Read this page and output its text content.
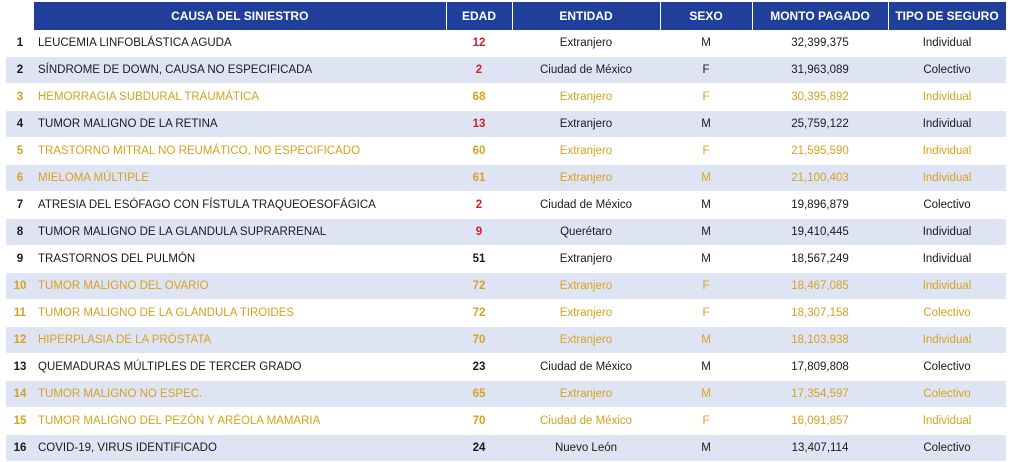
	CAUSA DEL SINIESTRO	EDAD	ENTIDAD	SEXO	MONTO PAGADO	TIPO DE SEGURO
1	LEUCEMIA LINFOBLÁSTICA AGUDA	12	Extranjero	M	32,399,375	Individual
2	SÍNDROME DE DOWN, CAUSA NO ESPECIFICADA	2	Ciudad de México	F	31,963,089	Colectivo
3	HEMORRAGIA SUBDURAL TRAUMÁTICA	68	Extranjero	F	30,395,892	Individual
4	TUMOR MALIGNO DE LA RETINA	13	Extranjero	M	25,759,122	Individual
5	TRASTORNO MITRAL NO REUMÁTICO, NO ESPECIFICADO	60	Extranjero	F	21,595,590	Individual
6	MIELOMA MÚLTIPLE	61	Extranjero	M	21,100,403	Individual
7	ATRESIA DEL ESÓFAGO CON FÍSTULA TRAQUEOESOFÁGICA	2	Ciudad de México	M	19,896,879	Colectivo
8	TUMOR MALIGNO DE LA GLANDULA SUPRARRENAL	9	Querétaro	M	19,410,445	Individual
9	TRASTORNOS DEL PULMÓN	51	Extranjero	M	18,567,249	Individual
10	TUMOR MALIGNO DEL OVARIO	72	Extranjero	F	18,467,085	Individual
11	TUMOR MALIGNO DE LA GLÁNDULA TIROIDES	72	Extranjero	F	18,307,158	Colectivo
12	HIPERPLASIA DE LA PRÓSTATA	70	Extranjero	M	18,103,938	Individual
13	QUEMADURAS MÚLTIPLES DE TERCER GRADO	23	Ciudad de México	M	17,809,808	Colectivo
14	TUMOR MALIGNO NO ESPEC.	65	Extranjero	M	17,354,597	Colectivo
15	TUMOR MALIGNO DEL PEZÓN Y ARÉOLA MAMARIA	70	Ciudad de México	F	16,091,857	Individual
16	COVID-19, VIRUS IDENTIFICADO	24	Nuevo León	M	13,407,114	Colectivo
